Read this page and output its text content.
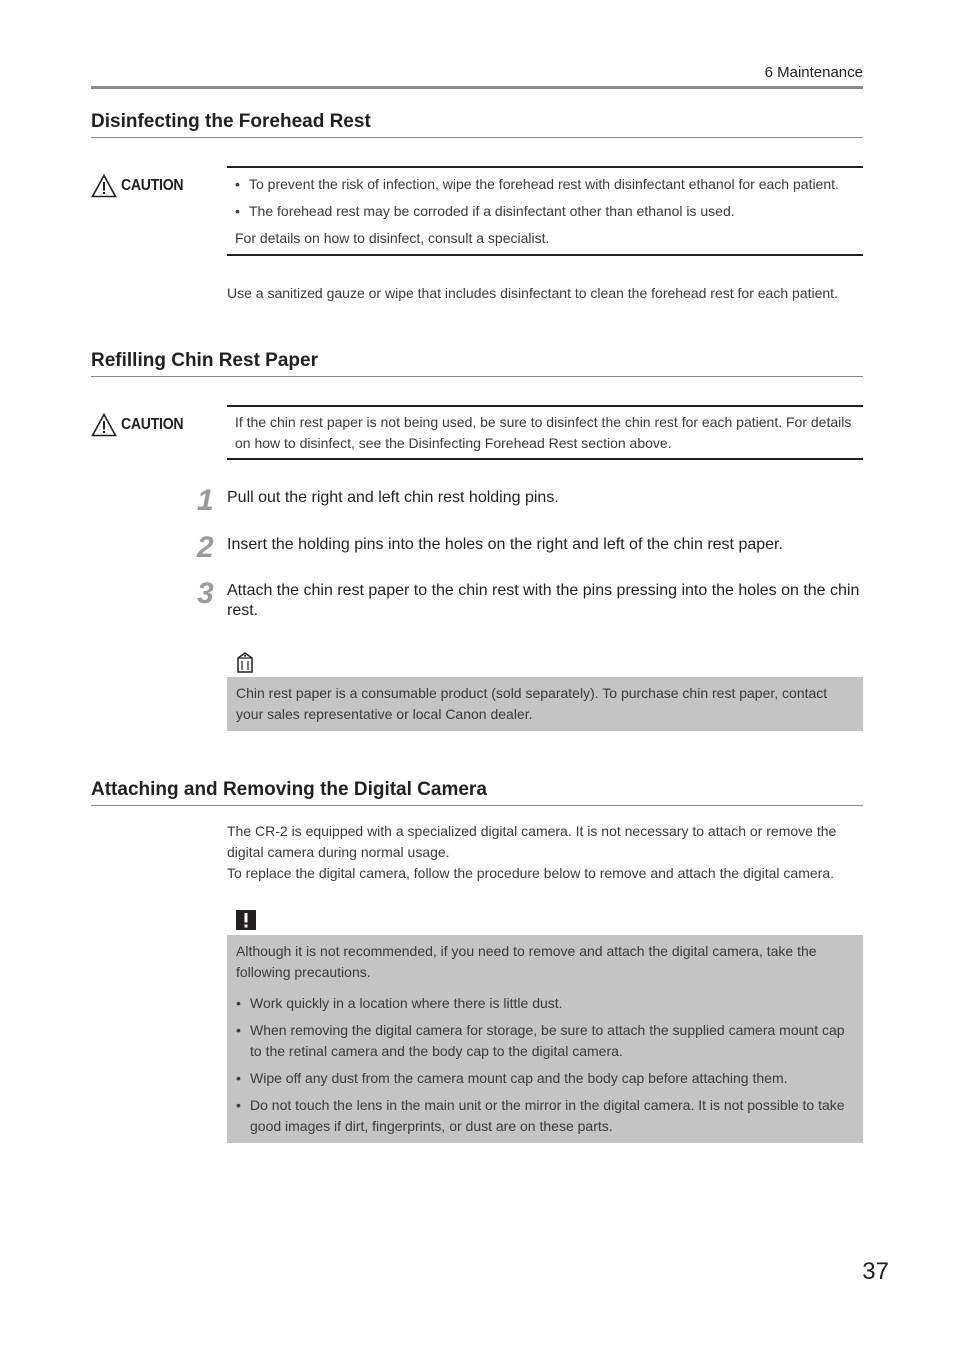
6 Maintenance
Disinfecting the Forehead Rest
CAUTION	• To prevent the risk of infection, wipe the forehead rest with disinfectant ethanol for each patient.
• The forehead rest may be corroded if a disinfectant other than ethanol is used.
For details on how to disinfect, consult a specialist.
Use a sanitized gauze or wipe that includes disinfectant to clean the forehead rest for each patient.
Refilling Chin Rest Paper
CAUTION	If the chin rest paper is not being used, be sure to disinfect the chin rest for each patient. For details on how to disinfect, see the Disinfecting Forehead Rest section above.
1 Pull out the right and left chin rest holding pins.
2 Insert the holding pins into the holes on the right and left of the chin rest paper.
3 Attach the chin rest paper to the chin rest with the pins pressing into the holes on the chin rest.
Chin rest paper is a consumable product (sold separately). To purchase chin rest paper, contact your sales representative or local Canon dealer.
Attaching and Removing the Digital Camera
The CR-2 is equipped with a specialized digital camera. It is not necessary to attach or remove the digital camera during normal usage.
To replace the digital camera, follow the procedure below to remove and attach the digital camera.
Although it is not recommended, if you need to remove and attach the digital camera, take the following precautions.
• Work quickly in a location where there is little dust.
• When removing the digital camera for storage, be sure to attach the supplied camera mount cap to the retinal camera and the body cap to the digital camera.
• Wipe off any dust from the camera mount cap and the body cap before attaching them.
• Do not touch the lens in the main unit or the mirror in the digital camera. It is not possible to take good images if dirt, fingerprints, or dust are on these parts.
37
